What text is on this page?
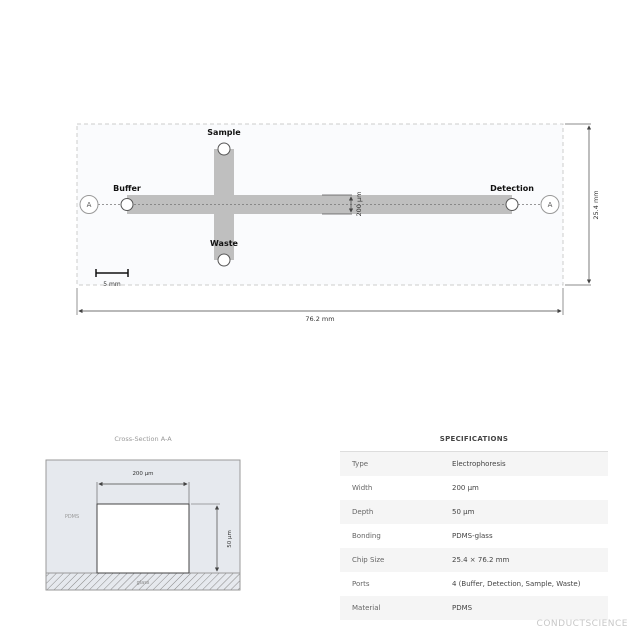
200 μm
A	A
Sample
Buffer
Waste
Detection
5 mm
25.4 mm
76.2 mm
Cross-Section A-A
200 μm
50 μm
PDMS
glass
SPECIFICATIONS
Type	Electrophoresis
Width	200 μm
Depth	50 μm
Bonding	PDMS-glass
Chip Size	25.4 × 76.2 mm
Ports	4 (Buffer, Detection, Sample, Waste)
Material	PDMS
CONDUCTSCIENCE
